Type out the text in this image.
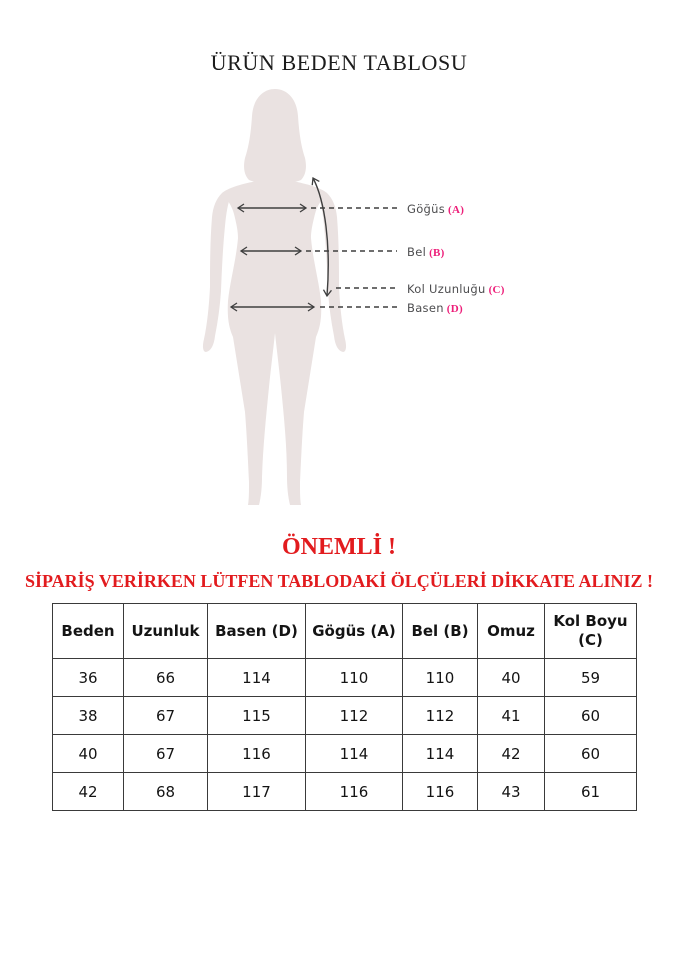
ÜRÜN BEDEN TABLOSU
Göğüs (A)
Bel (B)
Kol Uzunluğu (C)
Basen (D)
ÖNEMLİ !
SİPARİŞ VERİRKEN LÜTFEN TABLODAKİ ÖLÇÜLERİ DİKKATE ALINIZ !
Beden	Uzunluk	Basen (D)	Gögüs (A)	Bel (B)	Omuz	Kol Boyu (C)
36	66	114	110	110	40	59
38	67	115	112	112	41	60
40	67	116	114	114	42	60
42	68	117	116	116	43	61
